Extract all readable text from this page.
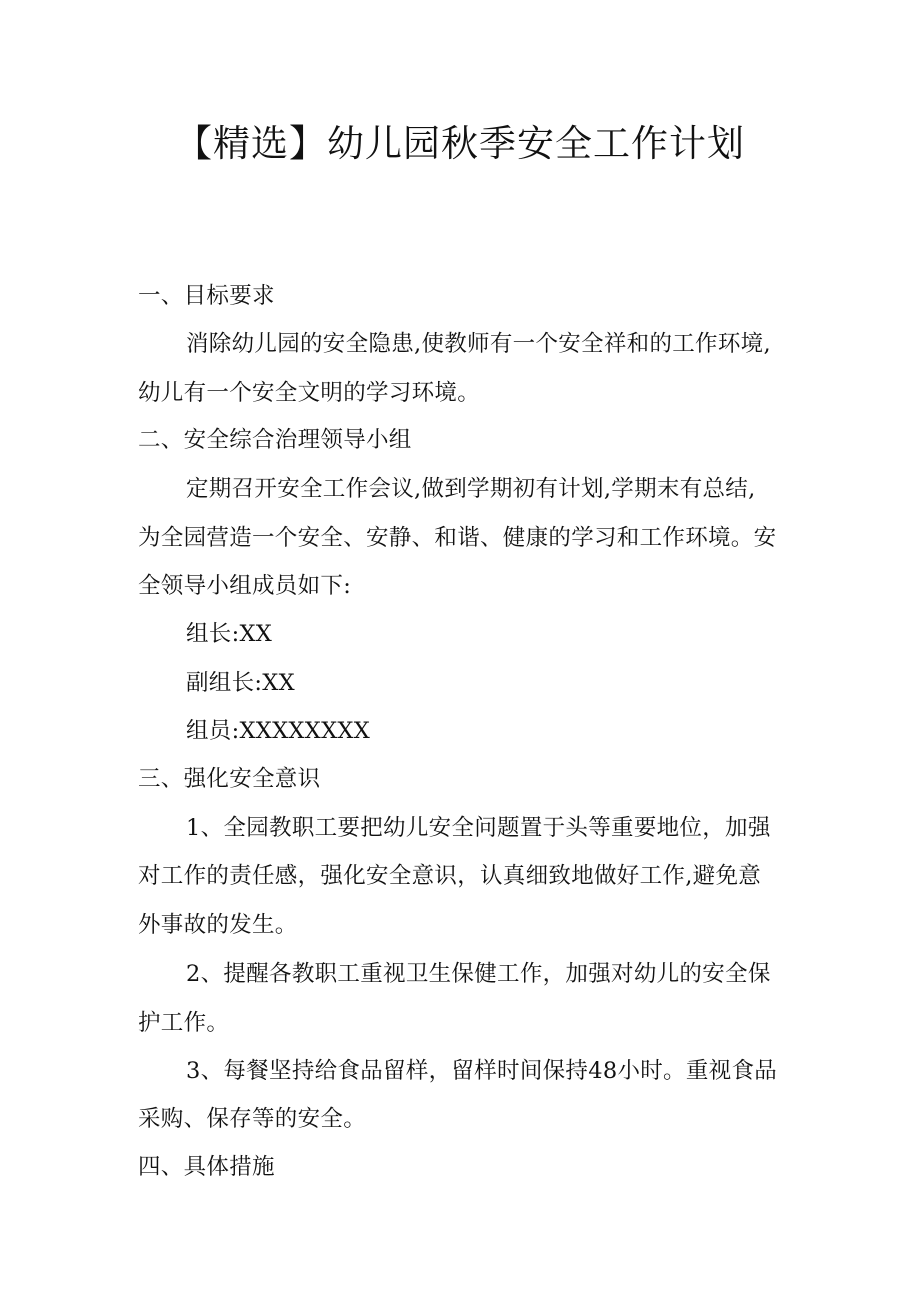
【精选】幼儿园秋季安全工作计划

一、目标要求

消除幼儿园的安全隐患,使教师有一个安全祥和的工作环境,

幼儿有一个安全文明的学习环境。

二、安全综合治理领导小组

定期召开安全工作会议,做到学期初有计划,学期末有总结,

为全园营造一个安全、安静、和谐、健康的学习和工作环境。安

全领导小组成员如下:

组长:XX

副组长:XX

组员:XXXXXXXX

三、强化安全意识

1、全园教职工要把幼儿安全问题置于头等重要地位，加强

对工作的责任感，强化安全意识，认真细致地做好工作,避免意

外事故的发生。

2、提醒各教职工重视卫生保健工作，加强对幼儿的安全保

护工作。

3、每餐坚持给食品留样，留样时间保持48小时。重视食品

采购、保存等的安全。

四、具体措施
